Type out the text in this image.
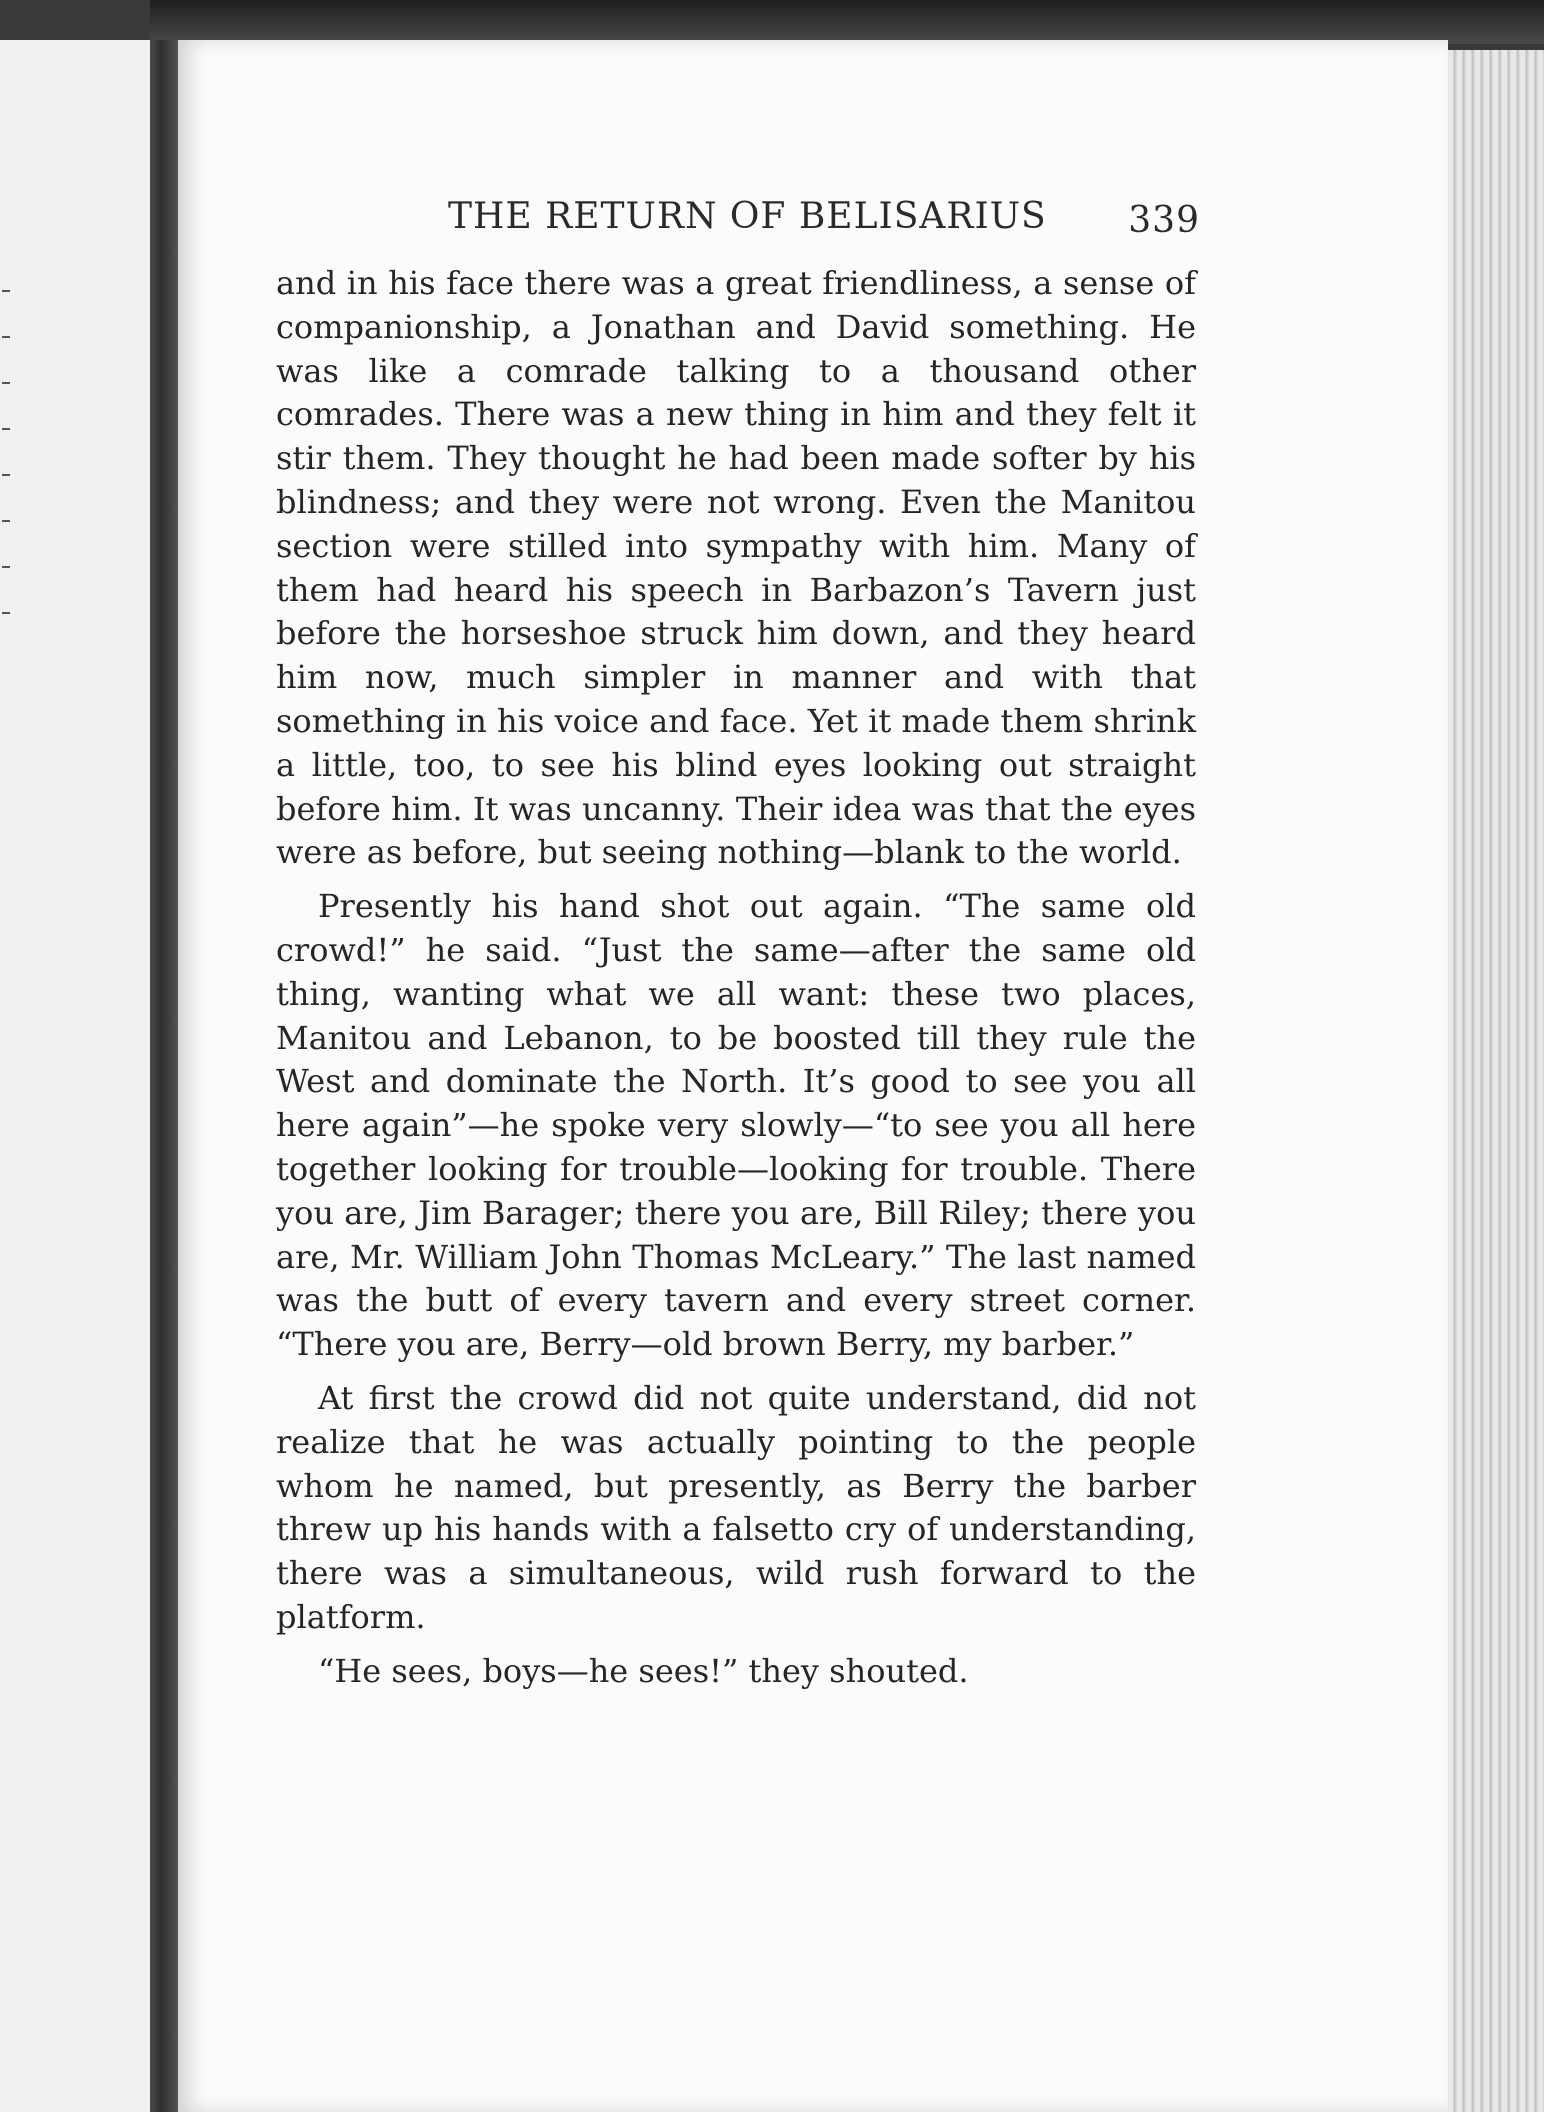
THE RETURN OF BELISARIUS 339

and in his face there was a great friendliness, a sense of companionship, a Jonathan and David something. He was like a comrade talking to a thousand other comrades. There was a new thing in him and they felt it stir them. They thought he had been made softer by his blindness; and they were not wrong. Even the Manitou section were stilled into sympathy with him. Many of them had heard his speech in Barbazon’s Tavern just before the horseshoe struck him down, and they heard him now, much simpler in manner and with that something in his voice and face. Yet it made them shrink a little, too, to see his blind eyes looking out straight before him. It was uncanny. Their idea was that the eyes were as before, but seeing nothing—blank to the world.

Presently his hand shot out again. “The same old crowd!” he said. “Just the same—after the same old thing, wanting what we all want: these two places, Manitou and Lebanon, to be boosted till they rule the West and dominate the North. It’s good to see you all here again”—he spoke very slowly—“to see you all here together looking for trouble—looking for trouble. There you are, Jim Barager; there you are, Bill Riley; there you are, Mr. William John Thomas McLeary.” The last named was the butt of every tavern and every street corner. “There you are, Berry—old brown Berry, my barber.”

At first the crowd did not quite understand, did not realize that he was actually pointing to the people whom he named, but presently, as Berry the barber threw up his hands with a falsetto cry of understanding, there was a simultaneous, wild rush forward to the platform.

“He sees, boys—he sees!” they shouted.
